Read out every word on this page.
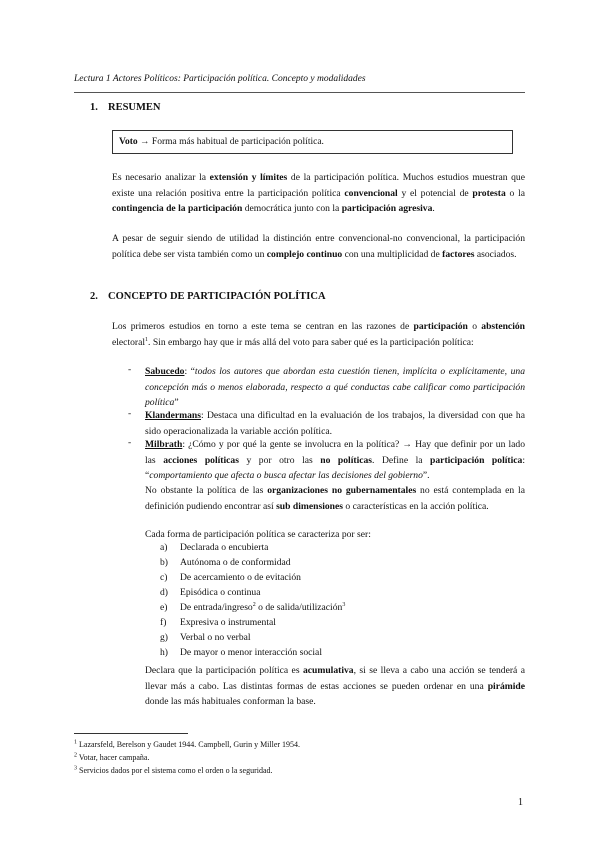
Lectura 1 Actores Políticos: Participación política. Concepto y modalidades
1. RESUMEN
Voto → Forma más habitual de participación política.
Es necesario analizar la extensión y límites de la participación política. Muchos estudios muestran que existe una relación positiva entre la participación política convencional y el potencial de protesta o la contingencia de la participación democrática junto con la participación agresiva.
A pesar de seguir siendo de utilidad la distinción entre convencional-no convencional, la participación política debe ser vista también como un complejo continuo con una multiplicidad de factores asociados.
2. CONCEPTO DE PARTICIPACIÓN POLÍTICA
Los primeros estudios en torno a este tema se centran en las razones de participación o abstención electoral$^1$. Sin embargo hay que ir más allá del voto para saber qué es la participación política:
- Sabucedo: “todos los autores que abordan esta cuestión tienen, implícita o explícitamente, una concepción más o menos elaborada, respecto a qué conductas cabe calificar como participación política”
- Klandermans: Destaca una dificultad en la evaluación de los trabajos, la diversidad con que ha sido operacionalizada la variable acción política.
- Milbrath: ¿Cómo y por qué la gente se involucra en la política? → Hay que definir por un lado las acciones políticas y por otro las no políticas. Define la participación política: “comportamiento que afecta o busca afectar las decisiones del gobierno”.
No obstante la política de las organizaciones no gubernamentales no está contemplada en la definición pudiendo encontrar así sub dimensiones o características en la acción política.
Cada forma de participación política se caracteriza por ser:
a) Declarada o encubierta
b) Autónoma o de conformidad
c) De acercamiento o de evitación
d) Episódica o continua
e) De entrada/ingreso$^2$ o de salida/utilización$^3$
f) Expresiva o instrumental
g) Verbal o no verbal
h) De mayor o menor interacción social
Declara que la participación política es acumulativa, si se lleva a cabo una acción se tenderá a llevar más a cabo. Las distintas formas de estas acciones se pueden ordenar en una pirámide donde las más habituales conforman la base.
$^1$ Lazarsfeld, Berelson y Gaudet 1944. Campbell, Gurin y Miller 1954.
$^2$ Votar, hacer campaña.
$^3$ Servicios dados por el sistema como el orden o la seguridad.
1
